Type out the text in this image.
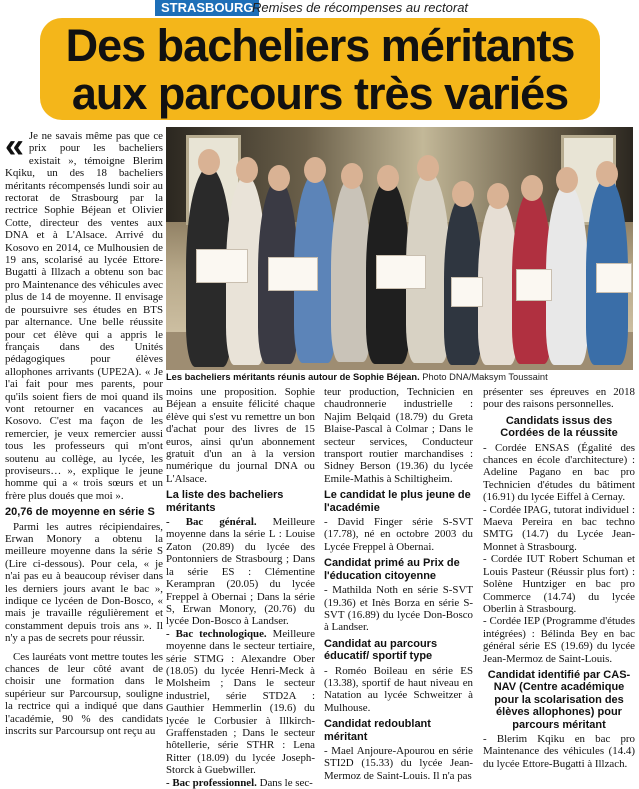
STRASBOURG
Remises de récompenses au rectorat
Des bacheliers méritants
aux parcours très variés

« Je ne savais même pas que ce prix pour les bacheliers existait », témoigne Blerim Kqiku, un des 18 bacheliers méritants récompensés lundi soir au rectorat de Strasbourg par la rectrice Sophie Béjean et Olivier Cotte, directeur des ventes aux DNA et à L'Alsace. Arrivé du Kosovo en 2014, ce Mulhousien de 19 ans, scolarisé au lycée Ettore-Bugatti à Illzach a obtenu son bac pro Maintenance des véhicules avec plus de 14 de moyenne. Il envisage de poursuivre ses études en BTS par alternance. Une belle réussite pour cet élève qui a appris le français dans des Unités pédagogiques pour élèves allophones arrivants (UPE2A). « Je l'ai fait pour mes parents, pour qu'ils soient fiers de moi quand ils vont retourner en vacances au Kosovo. C'est ma façon de les remercier, je veux remercier aussi tous les professeurs qui m'ont soutenu au collège, au lycée, les proviseurs… », explique le jeune homme qui a « trois sœurs et un frère plus doués que moi ».

20,76 de moyenne en série S
Parmi les autres récipiendaires, Erwan Monory a obtenu la meilleure moyenne dans la série S (Lire ci-dessous). Pour cela, « je n'ai pas eu à beaucoup réviser dans les derniers jours avant le bac », indique ce lycéen de Don-Bosco, « mais je travaille régulièrement et constamment depuis trois ans ». Il n'y a pas de secrets pour réussir.
Ces lauréats vont mettre toutes les chances de leur côté avant de choisir une formation dans le supérieur sur Parcoursup, souligne la rectrice qui a indiqué que dans l'académie, 90 % des candidats inscrits sur Parcoursup ont reçu au
Les bacheliers méritants réunis autour de Sophie Béjean. Photo DNA/Maksym Toussaint
moins une proposition. Sophie Béjean a ensuite félicité chaque élève qui s'est vu remettre un bon d'achat pour des livres de 15 euros, ainsi qu'un abonnement gratuit d'un an à la version numérique du journal DNA ou L'Alsace.
La liste des bacheliers méritants
- Bac général. Meilleure moyenne dans la série L : Louise Zaton (20.89) du lycée des Pontonniers de Strasbourg ; Dans la série ES : Clémentine Kerampran (20.05) du lycée Freppel à Obernai ; Dans la série S, Erwan Monory, (20.76) du lycée Don-Bosco à Landser.
- Bac technologique. Meilleure moyenne dans le secteur tertiaire, série STMG : Alexandre Ober (18.05) du lycée Henri-Meck à Molsheim ; Dans le secteur industriel, série STD2A : Gauthier Hemmerlin (19.6) du lycée le Corbusier à Illkirch-Graffenstaden ; Dans le secteur hôtellerie, série STHR : Lena Ritter (18.09) du lycée Joseph-Storck à Guebwiller.
- Bac professionnel. Dans le sec-
teur production, Technicien en chaudronnerie industrielle : Najim Belqaid (18.79) du Greta Blaise-Pascal à Colmar ; Dans le secteur services, Conducteur transport routier marchandises : Sidney Berson (19.36) du lycée Emile-Mathis à Schiltigheim.
Le candidat le plus jeune de l'académie
- David Finger série S-SVT (17.78), né en octobre 2003 du Lycée Freppel à Obernai.
Candidat primé au Prix de l'éducation citoyenne
- Mathilda Noth en série S-SVT (19.36) et Inès Borza en série S-SVT (16.89) du lycée Don-Bosco à Landser.
Candidat au parcours éducatif/ sportif type
- Roméo Boileau en série ES (13.38), sportif de haut niveau en Natation au lycée Schweitzer à Mulhouse.
Candidat redoublant méritant
- Mael Anjoure-Apourou en série STI2D (15.33) du lycée Jean-Mermoz de Saint-Louis. Il n'a pas
présenter ses épreuves en 2018 pour des raisons personnelles.
Candidats issus des Cordées de la réussite
- Cordée ENSAS (Égalité des chances en école d'architecture) : Adeline Pagano en bac pro Technicien d'études du bâtiment (16.91) du lycée Eiffel à Cernay.
- Cordée IPAG, tutorat individuel : Maeva Pereira en bac techno SMTG (14.7) du Lycée Jean-Monnet à Strasbourg.
- Cordée IUT Robert Schuman et Louis Pasteur (Réussir plus fort) : Solène Huntziger en bac pro Commerce (14.74) du lycée Oberlin à Strasbourg.
- Cordée IEP (Programme d'études intégrées) : Bélinda Bey en bac général série ES (19.69) du lycée Jean-Mermoz de Saint-Louis.
Candidat identifié par CAS-NAV (Centre académique pour la scolarisation des élèves allophones) pour parcours méritant
- Blerim Kqiku en bac pro Maintenance des véhicules (14.4) du lycée Ettore-Bugatti à Illzach.
